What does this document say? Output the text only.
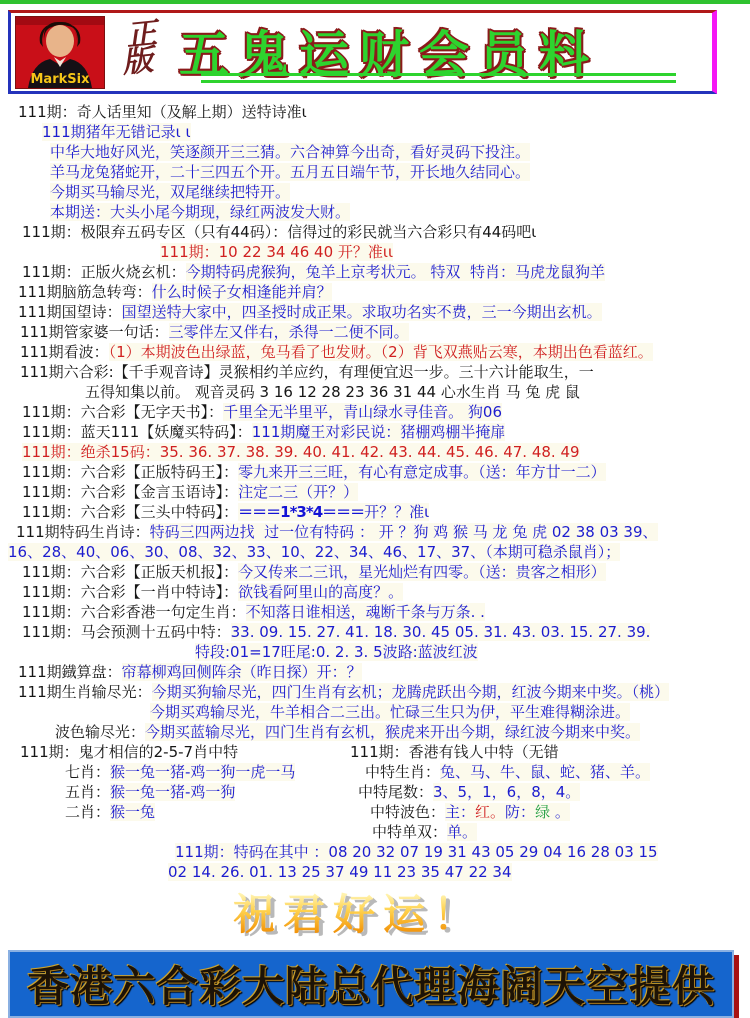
MarkSix
正
版 五鬼运财会员料
111期：奇人话里知（及解上期）送特诗准ι
111期猪年无错记录ι ι
中华大地好风光，笑逐颜开三三猜。六合神算今出奇，看好灵码下投注。
羊马龙兔猪蛇开，二十三四五个开。五月五日端午节，开长地久结同心。
今期买马输尽光，双尾继续把特开。
本期送：大头小尾今期现，绿红两波发大财。
111期：极限弃五码专区（只有44码）：信得过的彩民就当六合彩只有44码吧ι
111期：10 22 34 46 40 开？准ιι
111期：正版火烧玄机：今期特码虎猴狗，兔羊上京考状元。 特双  特肖：马虎龙鼠狗羊
111期脑筋急转弯：什么时候子女相逢能并肩？
111期国望诗：国望送特大家中，四圣授时成正果。求取功名实不费，三一今期出玄机。
111期管家婆一句话：三零伴左又伴右，杀得一二便不同。
111期看波：（1）本期波色出绿蓝，兔马看了也发财。（2）背飞双燕贴云寒，本期出色看蓝红。
111期六合彩:【千手观音诗】灵猴相约羊应约，有理便宜迟一步。三十六计能取生，一
五得知集以前。 观音灵码 3 16 12 28 23 36 31 44 心水生肖 马 兔 虎 鼠
111期：六合彩【无字天书】：千里全无半里平，青山绿水寻佳音。 狗06
111期：蓝天111【妖魔买特码】：111期魔王对彩民说：猪棚鸡棚半掩扉
111期：绝杀15码：35. 36. 37. 38. 39. 40. 41. 42. 43. 44. 45. 46. 47. 48. 49
111期：六合彩【正版特码王】：零九来开三三旺，有心有意定成事。（送：年方廿一二）
111期：六合彩【金言玉语诗】：注定二三（开？）
111期：六合彩【三头中特码】：＝＝＝1*3*4＝＝＝开？？准ι
111期特码生肖诗：特码三四两边找  过一位有特码 ： 开 ？狗 鸡 猴 马 龙 兔 虎 02 38 03 39、
16、28、40、06、30、08、32、33、10、22、34、46、17、37、（本期可稳杀鼠肖）；
111期：六合彩【正版天机报】：今又传来二三讯，星光灿烂有四零。（送：贵客之相形）
111期：六合彩【一肖中特诗】：欲钱看阿里山的高度？。
111期：六合彩香港一句定生肖：不知落日谁相送，魂断千条与万条. .
111期：马会预测十五码中特：33. 09. 15. 27. 41. 18. 30. 45 05. 31. 43. 03. 15. 27. 39.
特段:01=17旺尾:0. 2. 3. 5波路:蓝波红波
111期鐡算盘：帘幕柳鸡回侧阵余（昨日探）开：？
111期生肖输尽光：今期买狗输尽光，四门生肖有玄机；龙腾虎跃出今期，红波今期来中奖。（桃）
今期买鸡输尽光，牛羊相合二三出。忙碌三生只为伊，平生难得糊涂进。
波色输尽光：今期买蓝输尽光，四门生肖有玄机，猴虎来开出今期，绿红波今期来中奖。
111期：鬼才相信的2-5-7肖中特
七肖：猴一兔一猪-鸡一狗一虎一马
五肖：猴一兔一猪-鸡一狗
二肖：猴一兔
111期：香港有钱人中特（无错
中特生肖：兔、马、牛、鼠、蛇、猪、羊。
中特尾数：3、5，1，6，8，4。
中特波色：主：红。防：绿 。
中特单双：单。
111期：特码在其中 ：08 20 32 07 19 31 43 05 29 04 16 28 03 15
02 14. 26. 01. 13 25 37 49 11 23 35 47 22 34
祝君好运！
香港六合彩大陆总代理海阔天空提供
